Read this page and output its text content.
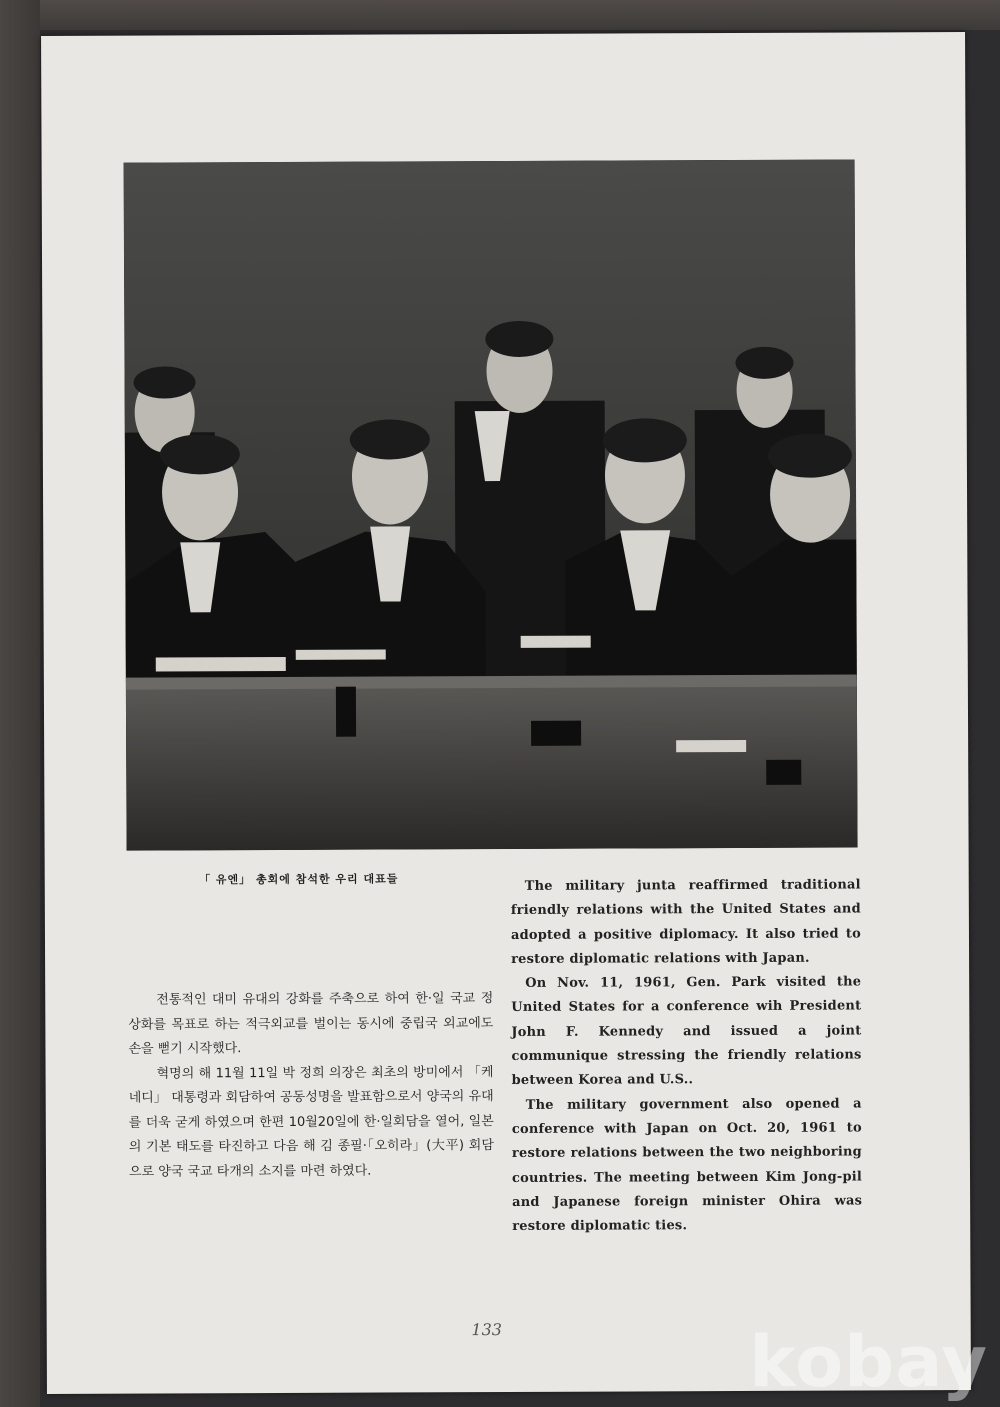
「 유엔」 총회에 참석한 우리 대표들

전통적인 대미 유대의 강화를 주축으로 하여 한·일 국교 정상화를 목표로 하는 적극외교를 벌이는 동시에 중립국 외교에도 손을 뻗기 시작했다.

혁명의 해 11월 11일 박 정희 의장은 최초의 방미에서 「케네디」 대통령과 회담하여 공동성명을 발표함으로서 양국의 유대를 더욱 굳게 하였으며 한편 10월20일에 한·일회담을 열어, 일본의 기본 태도를 타진하고 다음 해 김 종필·「오히라」(大平) 회담으로 양국 국교 타개의 소지를 마련 하였다.

The military junta reaffirmed traditional friendly relations with the United States and adopted a positive diplomacy. It also tried to restore diplomatic relations with Japan.

On Nov. 11, 1961, Gen. Park visited the United States for a conference wih President John F. Kennedy and issued a joint communique stressing the friendly relations between Korea and U.S..

The military government also opened a conference with Japan on Oct. 20, 1961 to restore relations between the two neighboring countries. The meeting between Kim Jong-pil and Japanese foreign minister Ohira was restore diplomatic ties.

133	kobay
